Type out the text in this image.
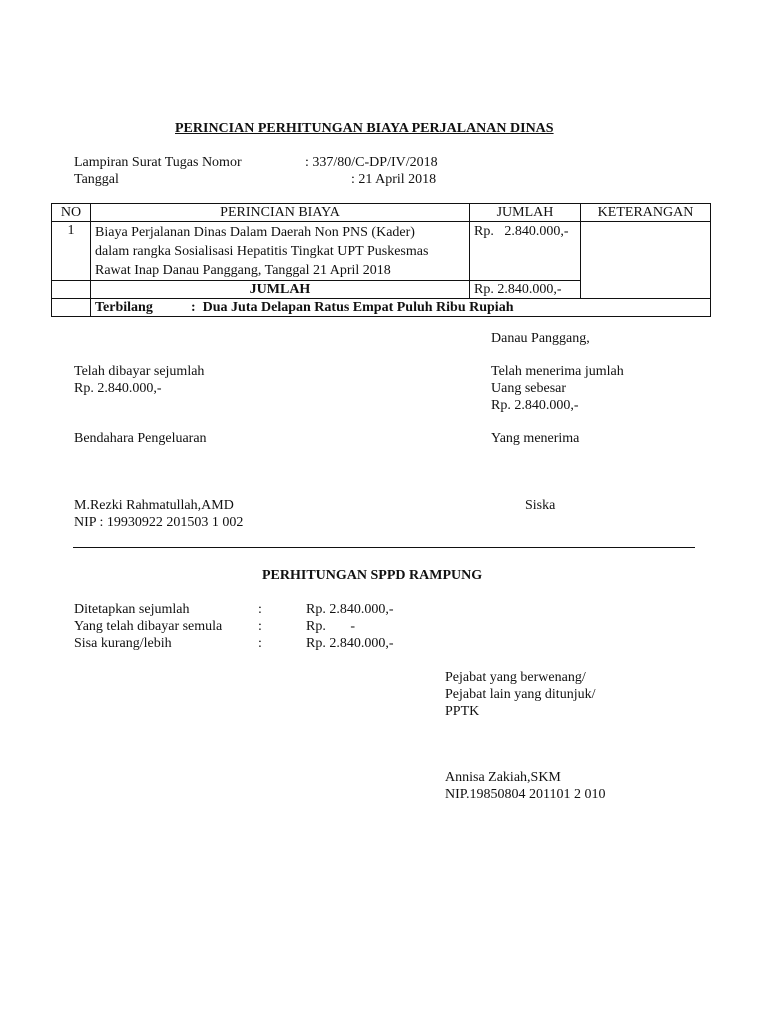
PERINCIAN PERHITUNGAN BIAYA PERJALANAN DINAS
Lampiran Surat Tugas Nomor	: 337/80/C-DP/IV/2018
Tanggal	: 21 April 2018
NO	PERINCIAN BIAYA	JUMLAH	KETERANGAN
1	Biaya Perjalanan Dinas Dalam Daerah Non PNS (Kader)
dalam rangka Sosialisasi Hepatitis Tingkat UPT Puskesmas
Rawat Inap Danau Panggang, Tanggal 21 April 2018	Rp.   2.840.000,-	
	JUMLAH	Rp. 2.840.000,-	
	Terbilang :  Dua Juta Delapan Ratus Empat Puluh Ribu Rupiah		
Danau Panggang,
Telah dibayar sejumlah
Rp. 2.840.000,-
Telah menerima jumlah
Uang sebesar
Rp. 2.840.000,-
Bendahara Pengeluaran	Yang menerima
M.Rezki Rahmatullah,AMD
NIP : 19930922 201503 1 002
Siska
PERHITUNGAN SPPD RAMPUNG
Ditetapkan sejumlah	:	Rp. 2.840.000,-
Yang telah dibayar semula	:	Rp.       -
Sisa kurang/lebih	:	Rp. 2.840.000,-
Pejabat yang berwenang/
Pejabat lain yang ditunjuk/
PPTK
Annisa Zakiah,SKM
NIP.19850804 201101 2 010
